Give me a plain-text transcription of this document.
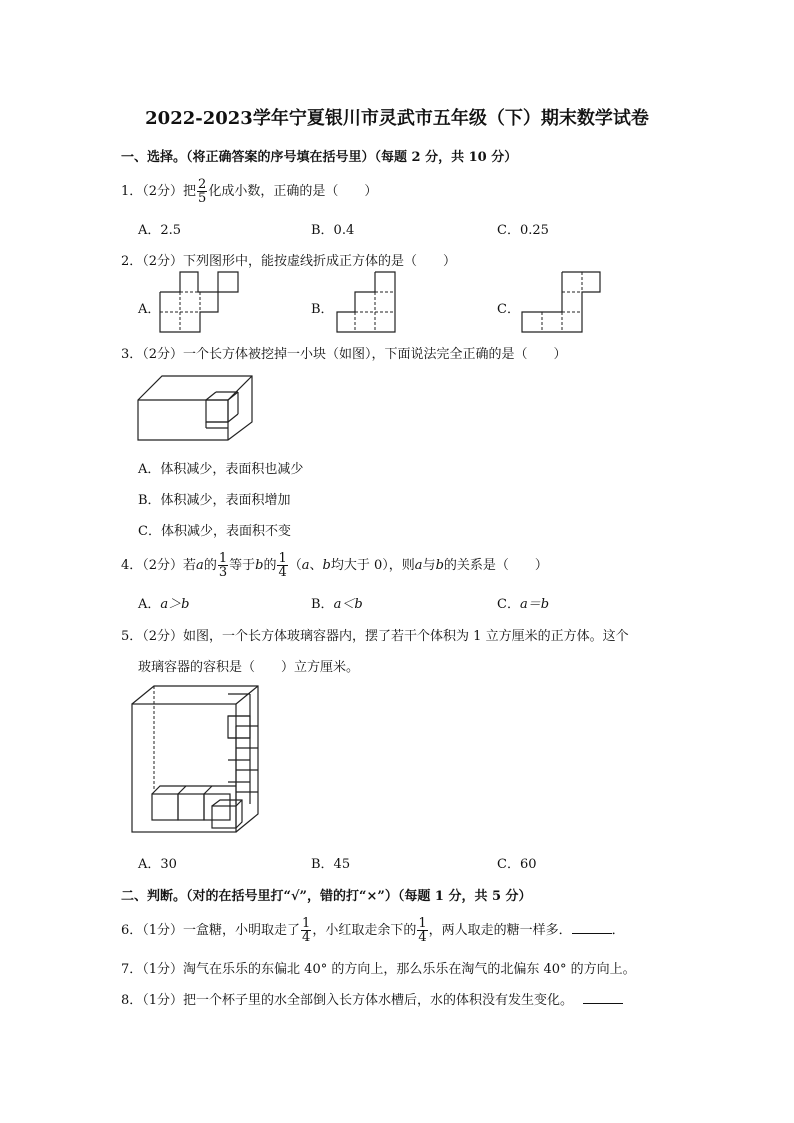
2022-2023学年宁夏银川市灵武市五年级（下）期末数学试卷
一、选择。（将正确答案的序号填在括号里）（每题 2 分，共 10 分）
1．（2分）把 $\frac{2}{5}$ 化成小数，正确的是（　　）
A．2.5	B．0.4	C．0.25
2．（2分）下列图形中，能按虚线折成正方体的是（　　）
A．	B．	C．
3．（2分）一个长方体被挖掉一小块（如图），下面说法完全正确的是（　　）
A．体积减少，表面积也减少
B．体积减少，表面积增加
C．体积减少，表面积不变
4．（2分）若a的 $\frac{1}{3}$ 等于b的 $\frac{1}{4} (a$、b均大于 0），则a与b的关系是（　　）
A．a＞b	B．a＜b	C．a＝b
5．（2分）如图，一个长方体玻璃容器内，摆了若干个体积为 1 立方厘米的正方体。这个
玻璃容器的容积是（　　）立方厘米。
A．30	B．45	C．60
二、判断。（对的在括号里打“√”，错的打“×”）（每题 1 分，共 5 分）
6．（1分）一盒糖，小明取走了 $\frac{1}{4}$ ，小红取走余下的 $\frac{1}{4}$ ，两人取走的糖一样多．	．
7．（1分）淘气在乐乐的东偏北 40° 的方向上，那么乐乐在淘气的北偏东 40° 的方向上。
8．（1分）把一个杯子里的水全部倒入长方体水槽后，水的体积没有发生变化。
